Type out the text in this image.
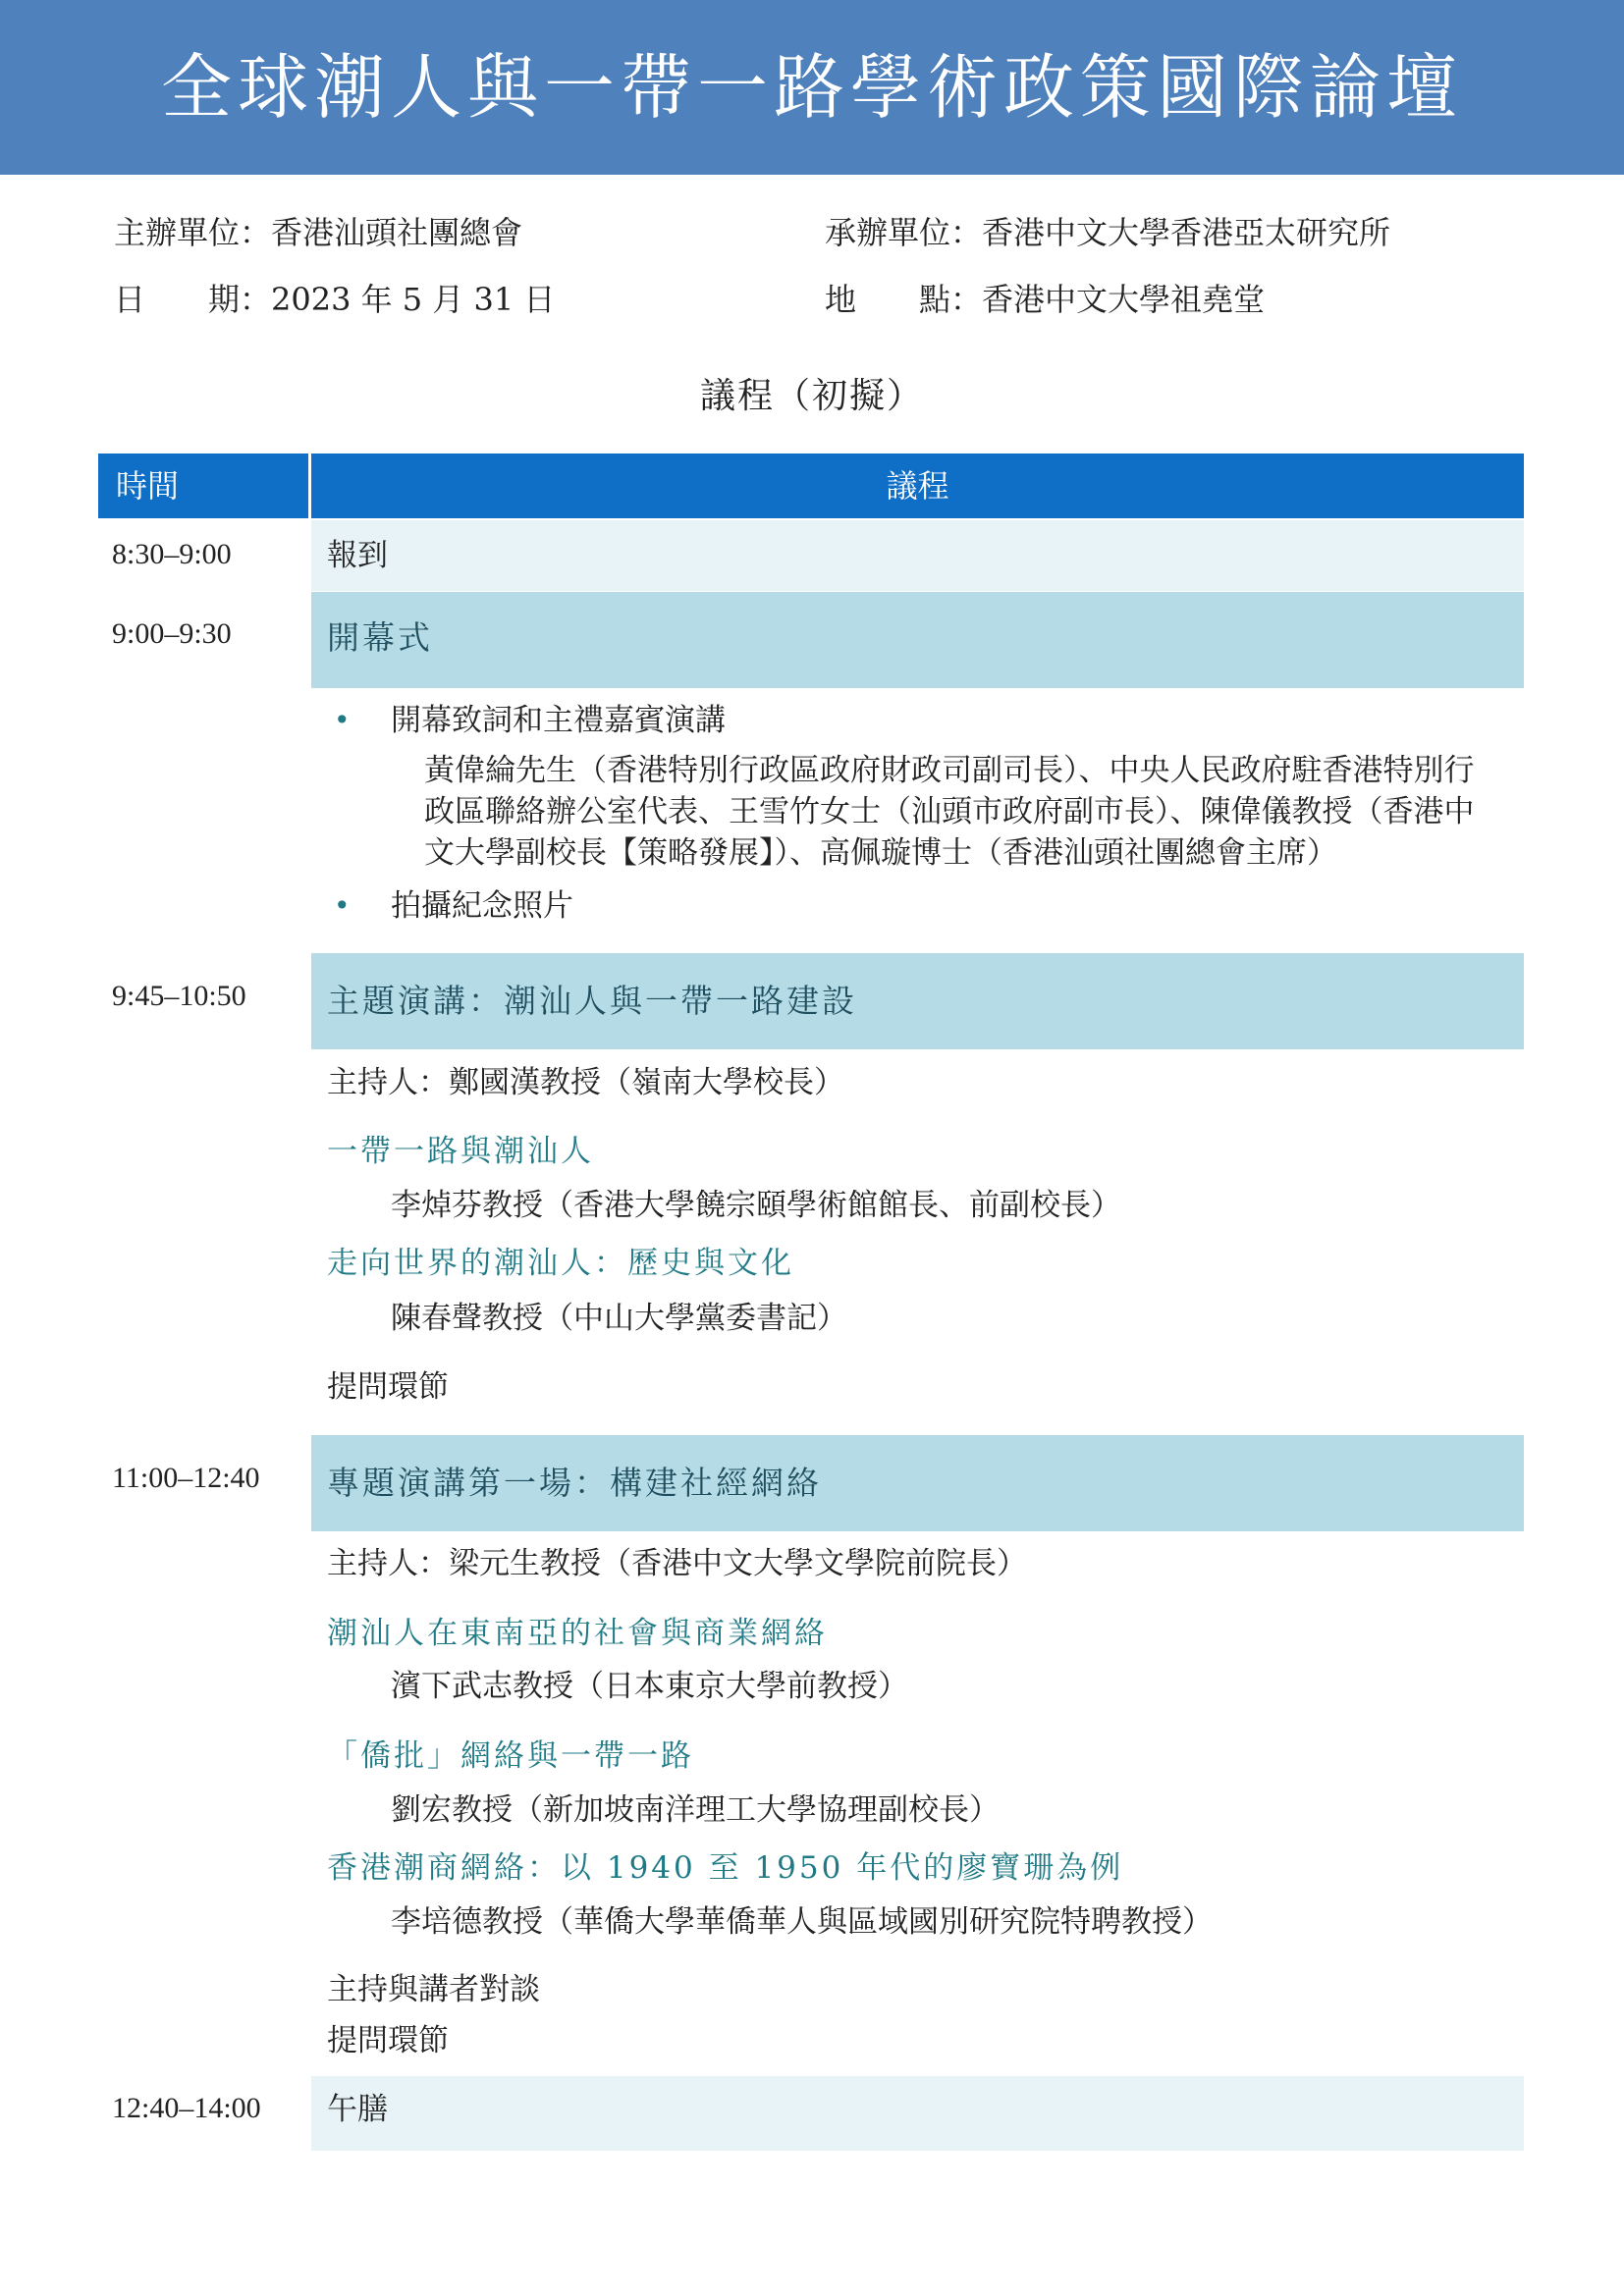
全球潮人與一帶一路學術政策國際論壇
主辦單位：香港汕頭社團總會	承辦單位：香港中文大學香港亞太研究所
日　　期：2023 年 5 月 31 日	地　　點：香港中文大學祖堯堂
議程（初擬）
時間	議程
8:30–9:00	報到
9:00–9:30	開幕式
• 開幕致詞和主禮嘉賓演講
黃偉綸先生（香港特別行政區政府財政司副司長）、中央人民政府駐香港特別行
政區聯絡辦公室代表、王雪竹女士（汕頭市政府副市長）、陳偉儀教授（香港中
文大學副校長【策略發展】）、高佩璇博士（香港汕頭社團總會主席）
• 拍攝紀念照片
9:45–10:50 主題演講：潮汕人與一帶一路建設
主持人：鄭國漢教授（嶺南大學校長）
一帶一路與潮汕人
李焯芬教授（香港大學饒宗頤學術館館長、前副校長）
走向世界的潮汕人：歷史與文化
陳春聲教授（中山大學黨委書記）
提問環節
11:00–12:40 專題演講第一場：構建社經網絡
主持人：梁元生教授（香港中文大學文學院前院長）
潮汕人在東南亞的社會與商業網絡
濱下武志教授（日本東京大學前教授）
「僑批」網絡與一帶一路
劉宏教授（新加坡南洋理工大學協理副校長）
香港潮商網絡：以 1940 至 1950 年代的廖寶珊為例
李培德教授（華僑大學華僑華人與區域國別研究院特聘教授）
主持與講者對談
提問環節
12:40–14:00 午膳
